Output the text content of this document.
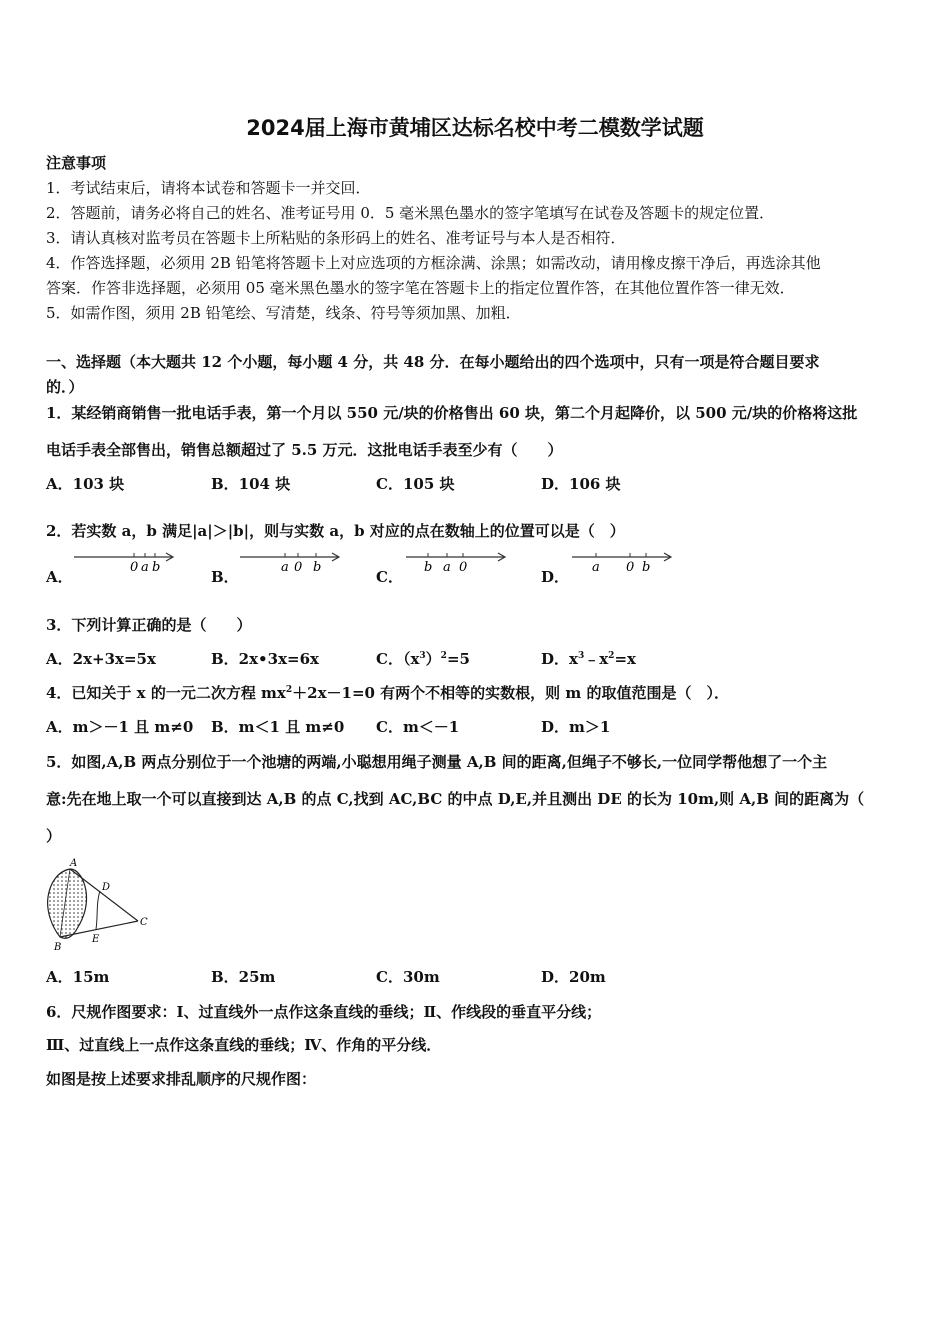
2024届上海市黄埔区达标名校中考二模数学试题
注意事项
1．考试结束后，请将本试卷和答题卡一并交回．
2．答题前，请务必将自己的姓名、准考证号用 0．5 毫米黑色墨水的签字笔填写在试卷及答题卡的规定位置．
3．请认真核对监考员在答题卡上所粘贴的条形码上的姓名、准考证号与本人是否相符．
4．作答选择题，必须用 2B 铅笔将答题卡上对应选项的方框涂满、涂黑；如需改动，请用橡皮擦干净后，再选涂其他
答案．作答非选择题，必须用 05 毫米黑色墨水的签字笔在答题卡上的指定位置作答，在其他位置作答一律无效．
5．如需作图，须用 2B 铅笔绘、写清楚，线条、符号等须加黑、加粗．
一、选择题（本大题共 12 个小题，每小题 4 分，共 48 分．在每小题给出的四个选项中，只有一项是符合题目要求
的．）
1．某经销商销售一批电话手表，第一个月以 550 元/块的价格售出 60 块，第二个月起降价，以 500 元/块的价格将这批
电话手表全部售出，销售总额超过了 5.5 万元．这批电话手表至少有（　　）
A．103 块	B．104 块	C．105 块	D．106 块
2．若实数 a，b 满足|a|＞|b|，则与实数 a，b 对应的点在数轴上的位置可以是（　）
A．	B．	C．	D．
0 a b	a 0 b	b a 0	a 0 b
3．下列计算正确的是（　　）
A．2x+3x=5x	B．2x•3x=6x	C．$(x^3)^2=5$	D．$x^3﹣x^2=x$
4．已知关于 x 的一元二次方程 $mx^2+2x-1=0$ 有两个不相等的实数根，则 m 的取值范围是（　）．
A．m＞－1 且 m≠0 B．m＜1 且 m≠0 C．m＜－1	D．m＞1
5．如图,A,B 两点分别位于一个池塘的两端,小聪想用绳子测量 A,B 间的距离,但绳子不够长,一位同学帮他想了一个主
意:先在地上取一个可以直接到达 A,B 的点 C,找到 AC,BC 的中点 D,E,并且测出 DE 的长为 10m,则 A,B 间的距离为（
）
A
D
C
B
E
A．15m	B．25m	C．30m	D．20m
6．尺规作图要求：Ⅰ、过直线外一点作这条直线的垂线；Ⅱ、作线段的垂直平分线；
Ⅲ、过直线上一点作这条直线的垂线；Ⅳ、作角的平分线．
如图是按上述要求排乱顺序的尺规作图：
